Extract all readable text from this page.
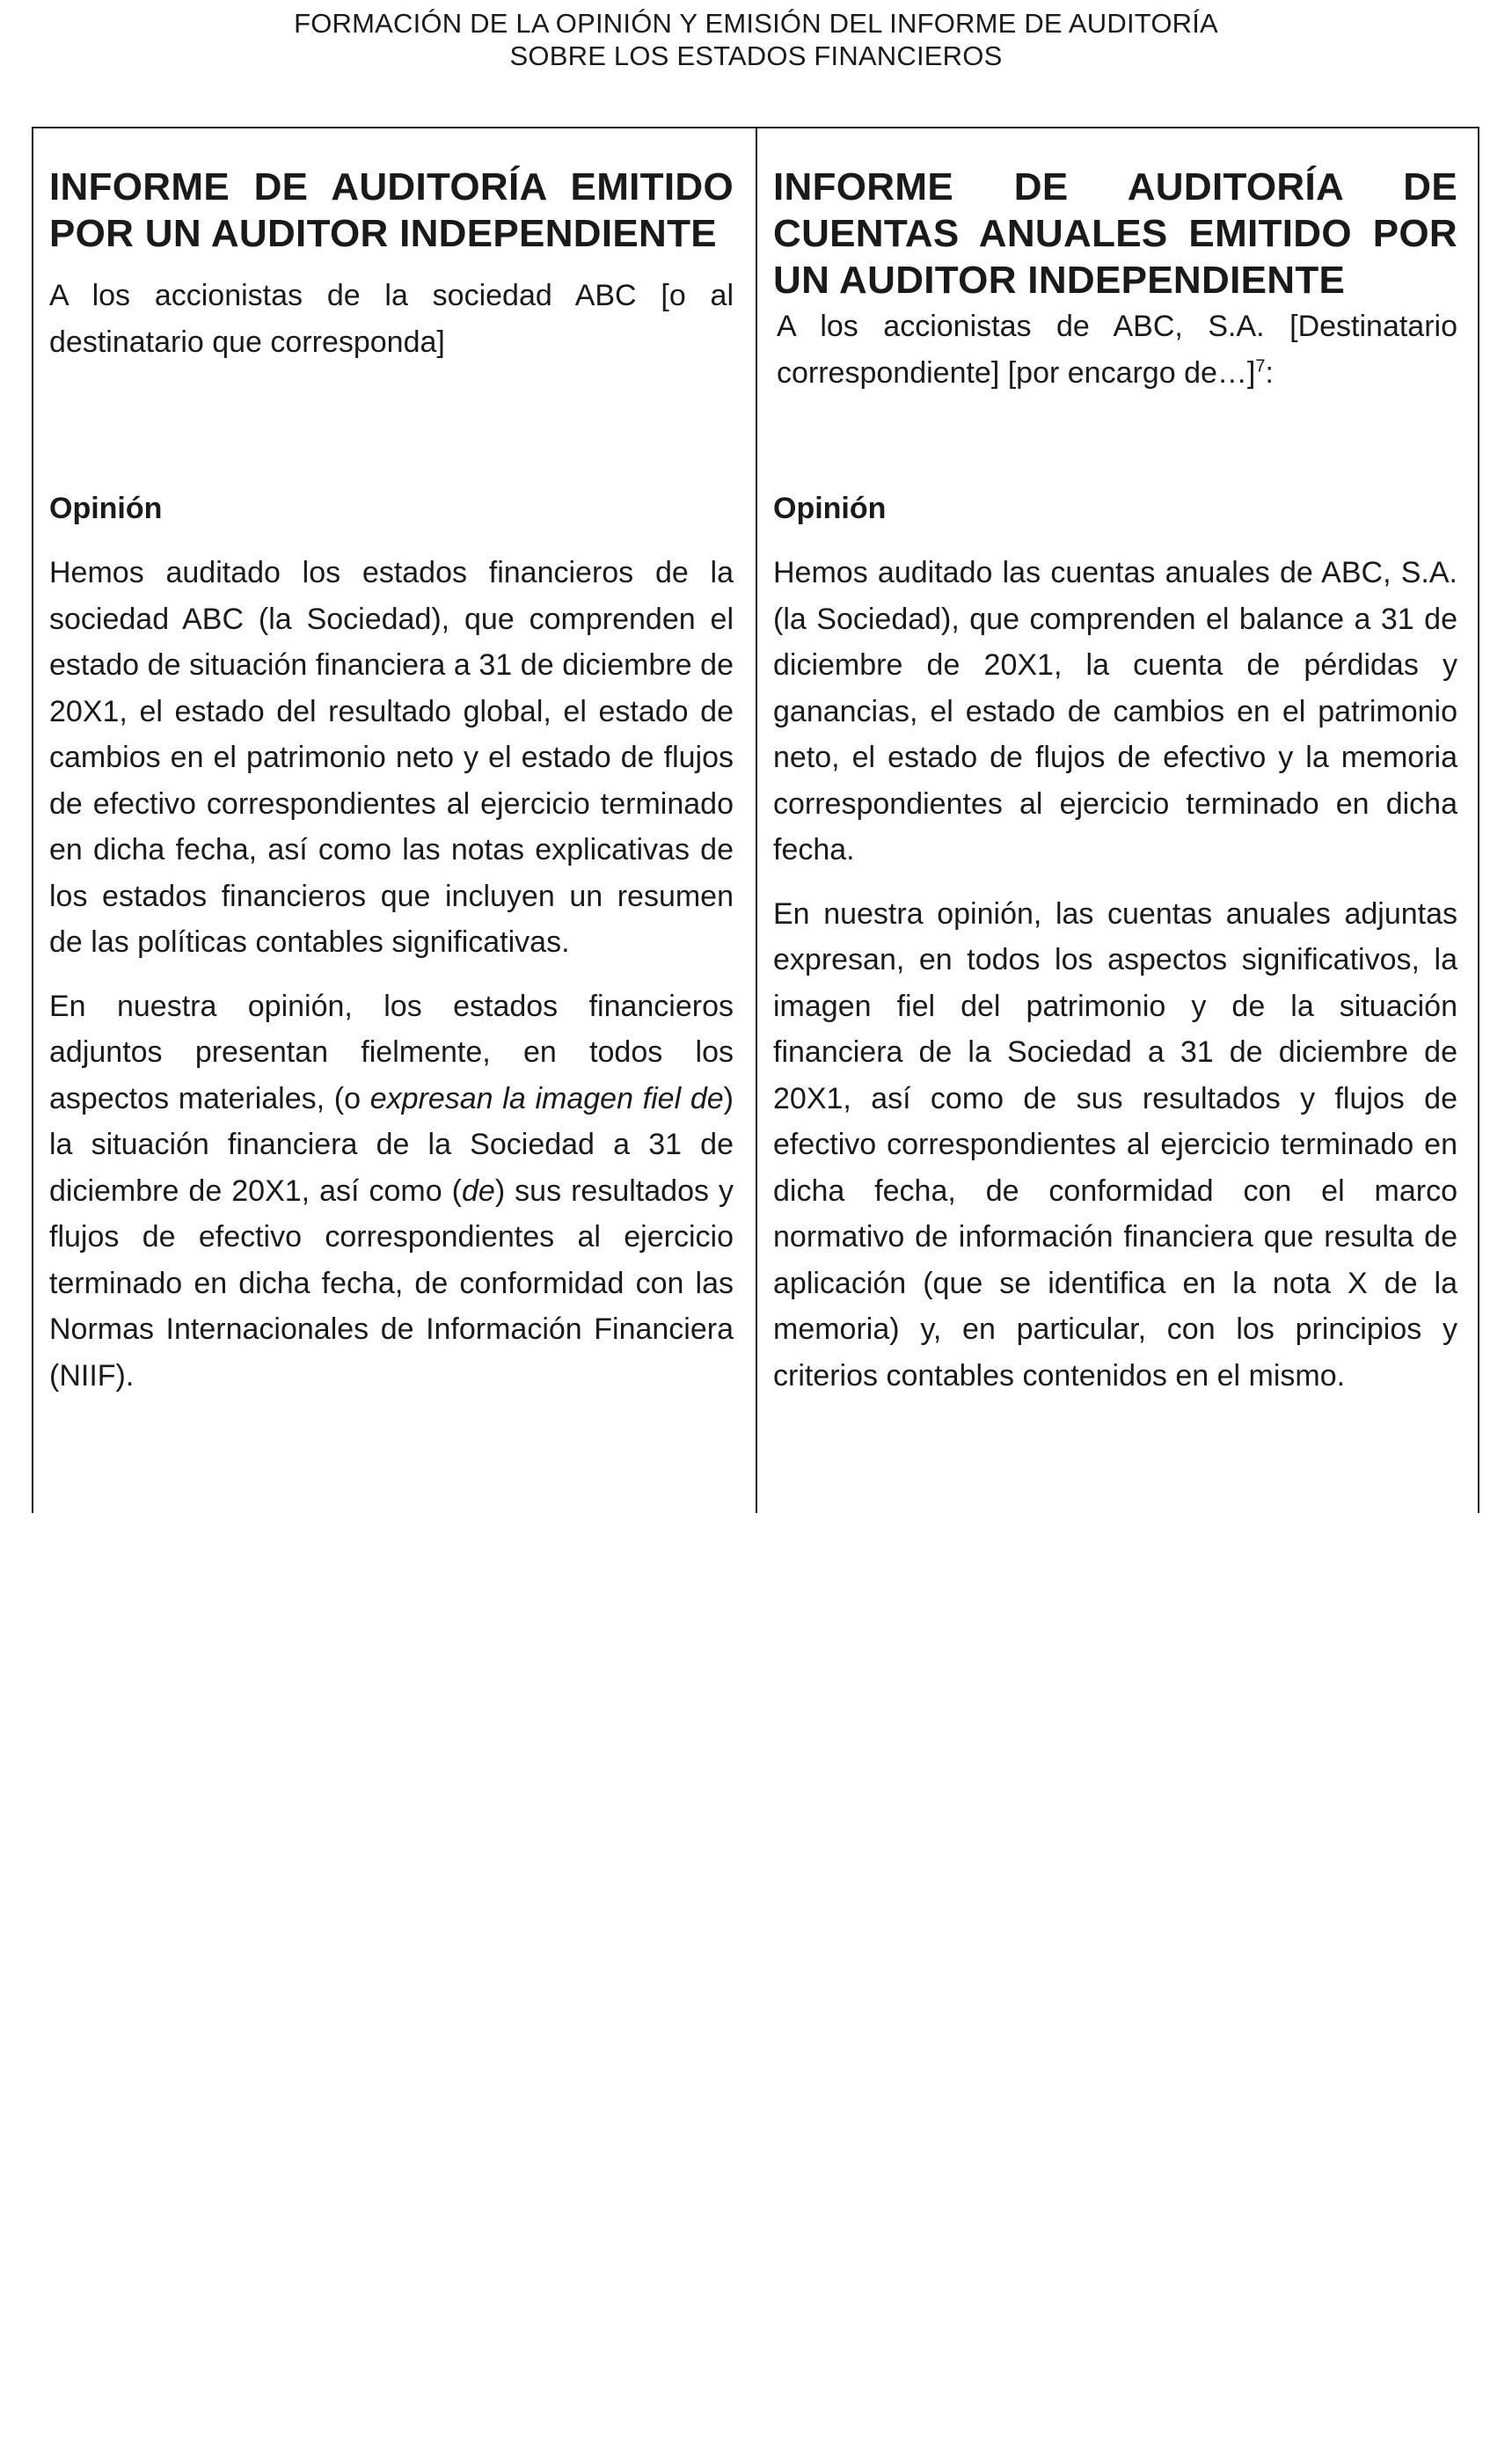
FORMACIÓN DE LA OPINIÓN Y EMISIÓN DEL INFORME DE AUDITORÍA
SOBRE LOS ESTADOS FINANCIEROS
INFORME DE AUDITORÍA EMITIDO POR UN AUDITOR INDEPENDIENTE

A los accionistas de la sociedad ABC [o al destinatario que corresponda]

Opinión

Hemos auditado los estados financieros de la sociedad ABC (la Sociedad), que comprenden el estado de situación financiera a 31 de diciembre de 20X1, el estado del resultado global, el estado de cambios en el patrimonio neto y el estado de flujos de efectivo correspondientes al ejercicio terminado en dicha fecha, así como las notas explicativas de los estados financieros que incluyen un resumen de las políticas contables significativas.

En nuestra opinión, los estados financieros adjuntos presentan fielmente, en todos los aspectos materiales, (o expresan la imagen fiel de) la situación financiera de la Sociedad a 31 de diciembre de 20X1, así como (de) sus resultados y flujos de efectivo correspondientes al ejercicio terminado en dicha fecha, de conformidad con las Normas Internacionales de Información Financiera (NIIF).

INFORME DE AUDITORÍA DE CUENTAS ANUALES EMITIDO POR UN AUDITOR INDEPENDIENTE

A los accionistas de ABC, S.A. [Destinatario correspondiente] [por encargo de…]$^7$:

Opinión

Hemos auditado las cuentas anuales de ABC, S.A. (la Sociedad), que comprenden el balance a 31 de diciembre de 20X1, la cuenta de pérdidas y ganancias, el estado de cambios en el patrimonio neto, el estado de flujos de efectivo y la memoria correspondientes al ejercicio terminado en dicha fecha.

En nuestra opinión, las cuentas anuales adjuntas expresan, en todos los aspectos significativos, la imagen fiel del patrimonio y de la situación financiera de la Sociedad a 31 de diciembre de 20X1, así como de sus resultados y flujos de efectivo correspondientes al ejercicio terminado en dicha fecha, de conformidad con el marco normativo de información financiera que resulta de aplicación (que se identifica en la nota X de la memoria) y, en particular, con los principios y criterios contables contenidos en el mismo.
